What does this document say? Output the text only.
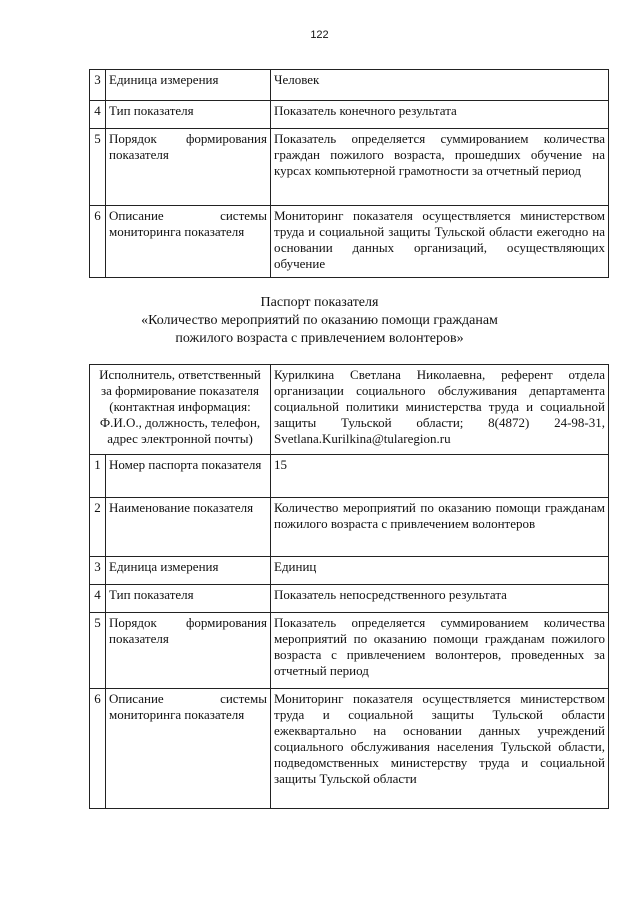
122
3	Единица измерения	Человек
4	Тип показателя	Показатель конечного результата
5	Порядок формирования показателя	Показатель определяется суммированием количества граждан пожилого возраста, прошедших обучение на курсах компьютерной грамотности за отчетный период
6	Описание системы мониторинга показателя	Мониторинг показателя осуществляется министерством труда и социальной защиты Тульской области ежегодно на основании данных организаций, осуществляющих обучение
Паспорт показателя
«Количество мероприятий по оказанию помощи гражданам
пожилого возраста с привлечением волонтеров»
Исполнитель, ответственный за формирование показателя (контактная информация: Ф.И.О., должность, телефон, адрес электронной почты)		Курилкина Светлана Николаевна, референт отдела организации социального обслуживания департамента социальной политики министерства труда и социальной защиты Тульской области; 8(4872) 24-98-31, Svetlana.Kurilkina@tularegion.ru
1	Номер паспорта показателя	15
2	Наименование показателя	Количество мероприятий по оказанию помощи гражданам пожилого возраста с привлечением волонтеров
3	Единица измерения	Единиц
4	Тип показателя	Показатель непосредственного результата
5	Порядок формирования показателя	Показатель определяется суммированием количества мероприятий по оказанию помощи гражданам пожилого возраста с привлечением волонтеров, проведенных за отчетный период
6	Описание системы мониторинга показателя	Мониторинг показателя осуществляется министерством труда и социальной защиты Тульской области ежеквартально на основании данных учреждений социального обслуживания населения Тульской области, подведомственных министерству труда и социальной защиты Тульской области
